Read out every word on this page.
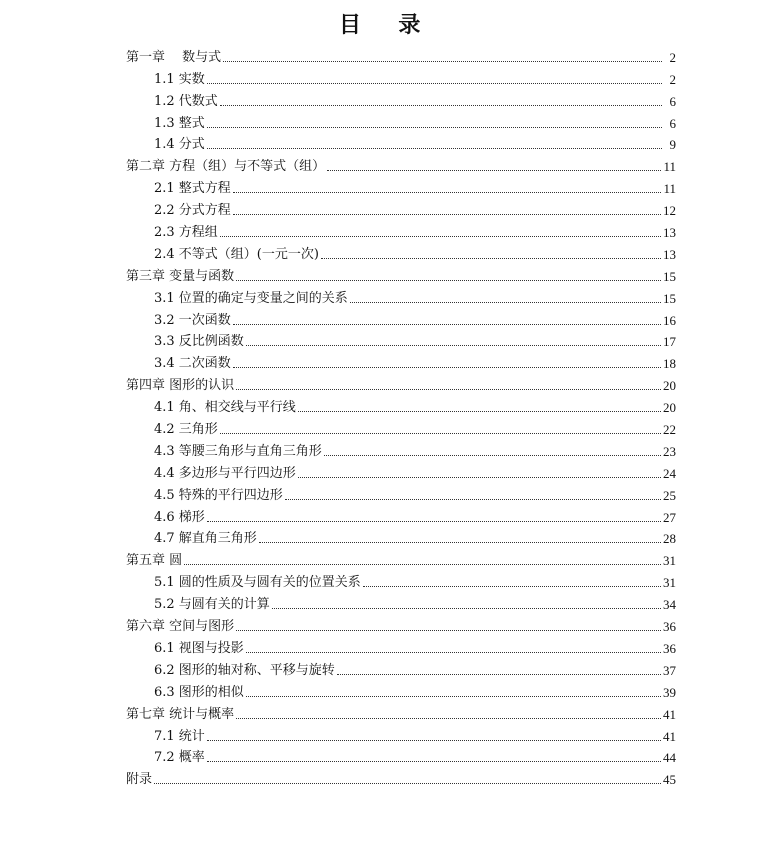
目　录
第一章　 数与式	2
1.1 实数	2
1.2 代数式	6
1.3 整式	6
1.4 分式	9
第二章 方程（组）与不等式（组）	11
2.1 整式方程	11
2.2 分式方程	12
2.3 方程组	13
2.4 不等式（组）(一元一次)	13
第三章 变量与函数	15
3.1 位置的确定与变量之间的关系	15
3.2 一次函数	16
3.3 反比例函数	17
3.4 二次函数	18
第四章 图形的认识	20
4.1 角、相交线与平行线	20
4.2 三角形	22
4.3 等腰三角形与直角三角形	23
4.4 多边形与平行四边形	24
4.5 特殊的平行四边形	25
4.6 梯形	27
4.7 解直角三角形	28
第五章 圆	31
5.1 圆的性质及与圆有关的位置关系	31
5.2 与圆有关的计算	34
第六章 空间与图形	36
6.1 视图与投影	36
6.2 图形的轴对称、平移与旋转	37
6.3 图形的相似	39
第七章 统计与概率	41
7.1 统计	41
7.2 概率	44
附录	45
